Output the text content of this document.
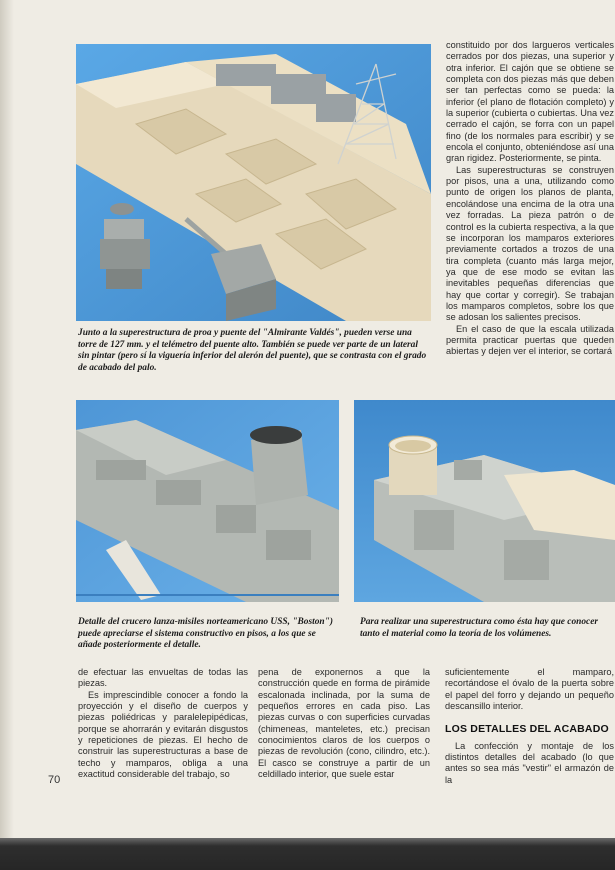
Junto a la superestructura de proa y puente del "Almirante Valdés", pueden verse una torre de 127 mm. y el telémetro del puente alto. También se puede ver parte de un lateral sin pintar (pero sí la viguería inferior del alerón del puente), que se contrasta con el grado de acabado del palo.

constituido por dos largueros verticales cerrados por dos piezas, una superior y otra inferior. El cajón que se obtiene se completa con dos piezas más que deben ser tan perfectas como se pueda: la inferior (el plano de flotación completo) y la superior (cubierta o cubiertas. Una vez cerrado el cajón, se forra con un papel fino (de los normales para escribir) y se encola el conjunto, obteniéndose así una gran rigidez. Posteriormente, se pinta.

Las superestructuras se construyen por pisos, una a una, utilizando como punto de origen los planos de planta, encolándose una encima de la otra una vez forradas. La pieza patrón o de control es la cubierta respectiva, a la que se incorporan los mamparos exteriores previamente cortados a trozos de una tira completa (cuanto más larga mejor, ya que de ese modo se evitan las inevitables pequeñas diferencias que hay que cortar y corregir). Se trabajan los mamparos completos, sobre los que se adosan los salientes precisos.

En el caso de que la escala utilizada permita practicar puertas que queden abiertas y dejen ver el interior, se cortará

Detalle del crucero lanza-misiles norteamericano USS, "Boston") puede apreciarse el sistema constructivo en pisos, a los que se añade posteriormente el detalle.

Para realizar una superestructura como ésta hay que conocer tanto el material como la teoría de los volúmenes.

de efectuar las envueltas de todas las piezas.

Es imprescindible conocer a fondo la proyección y el diseño de cuerpos y piezas poliédricas y paralelepipédicas, porque se ahorrarán y evitarán disgustos y repeticiones de piezas. El hecho de construir las superestructuras a base de techo y mamparos, obliga a una exactitud considerable del trabajo, so

pena de exponernos a que la construcción quede en forma de pirámide escalonada inclinada, por la suma de pequeños errores en cada piso. Las piezas curvas o con superficies curvadas (chimeneas, manteletes, etc.) precisan conocimientos claros de los cuerpos o piezas de revolución (cono, cilindro, etc.). El casco se construye a partir de un celdillado interior, que suele estar

suficientemente el mamparo, recortándose el óvalo de la puerta sobre el papel del forro y dejando un pequeño descansillo interior.

LOS DETALLES DEL ACABADO

La confección y montaje de los distintos detalles del acabado (lo que antes so sea más "vestir" el armazón de la

70
